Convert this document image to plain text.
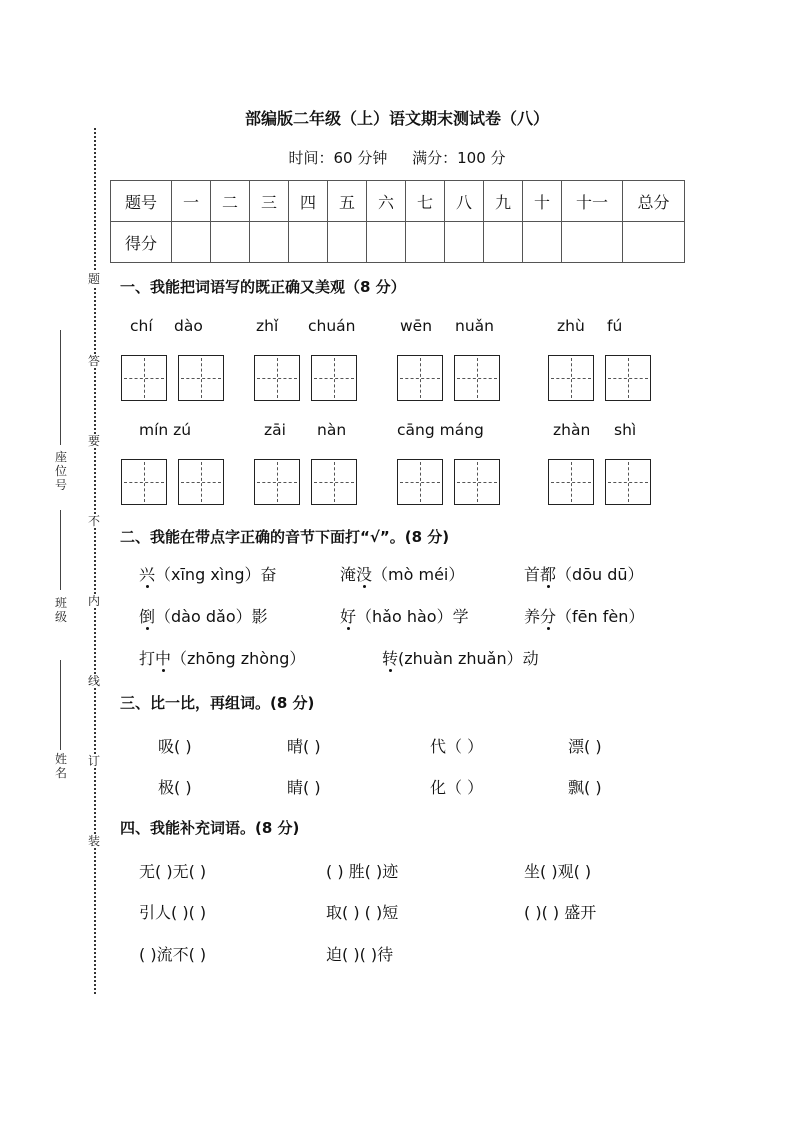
题
答
要
不
内
线
订
装
座位号
班级
姓名
部编版二年级（上）语文期末测试卷（八）
时间：60 分钟 满分：100 分
题号	一	二	三	四	五	六	七	八	九	十	十一	总分
得分												
一、我能把词语写的既正确又美观（8 分）
chí dào	zhǐ chuán	wēn nuǎn	zhù fú
mín zú	zāi nàn	cāng máng	zhàn shì
二、我能在带点字正确的音节下面打“√”。(8 分)
兴（xīng xìng）奋	淹没（mò méi）	首都（dōu dū）
倒（dào dǎo）影	好（hǎo hào）学	养分（fēn fèn）
打中（zhōng zhòng）	转(zhuàn zhuǎn）动
三、比一比，再组词。(8 分)
吸( )	晴( )	代（ ）	漂( )
极( )	睛( )	化（ ）	飘( )
四、我能补充词语。(8 分)
无( )无( )	( ) 胜( )迹	坐( )观( )
引人( )( )	取( ) ( )短	( )( ) 盛开
( )流不( )	迫( )( )待
